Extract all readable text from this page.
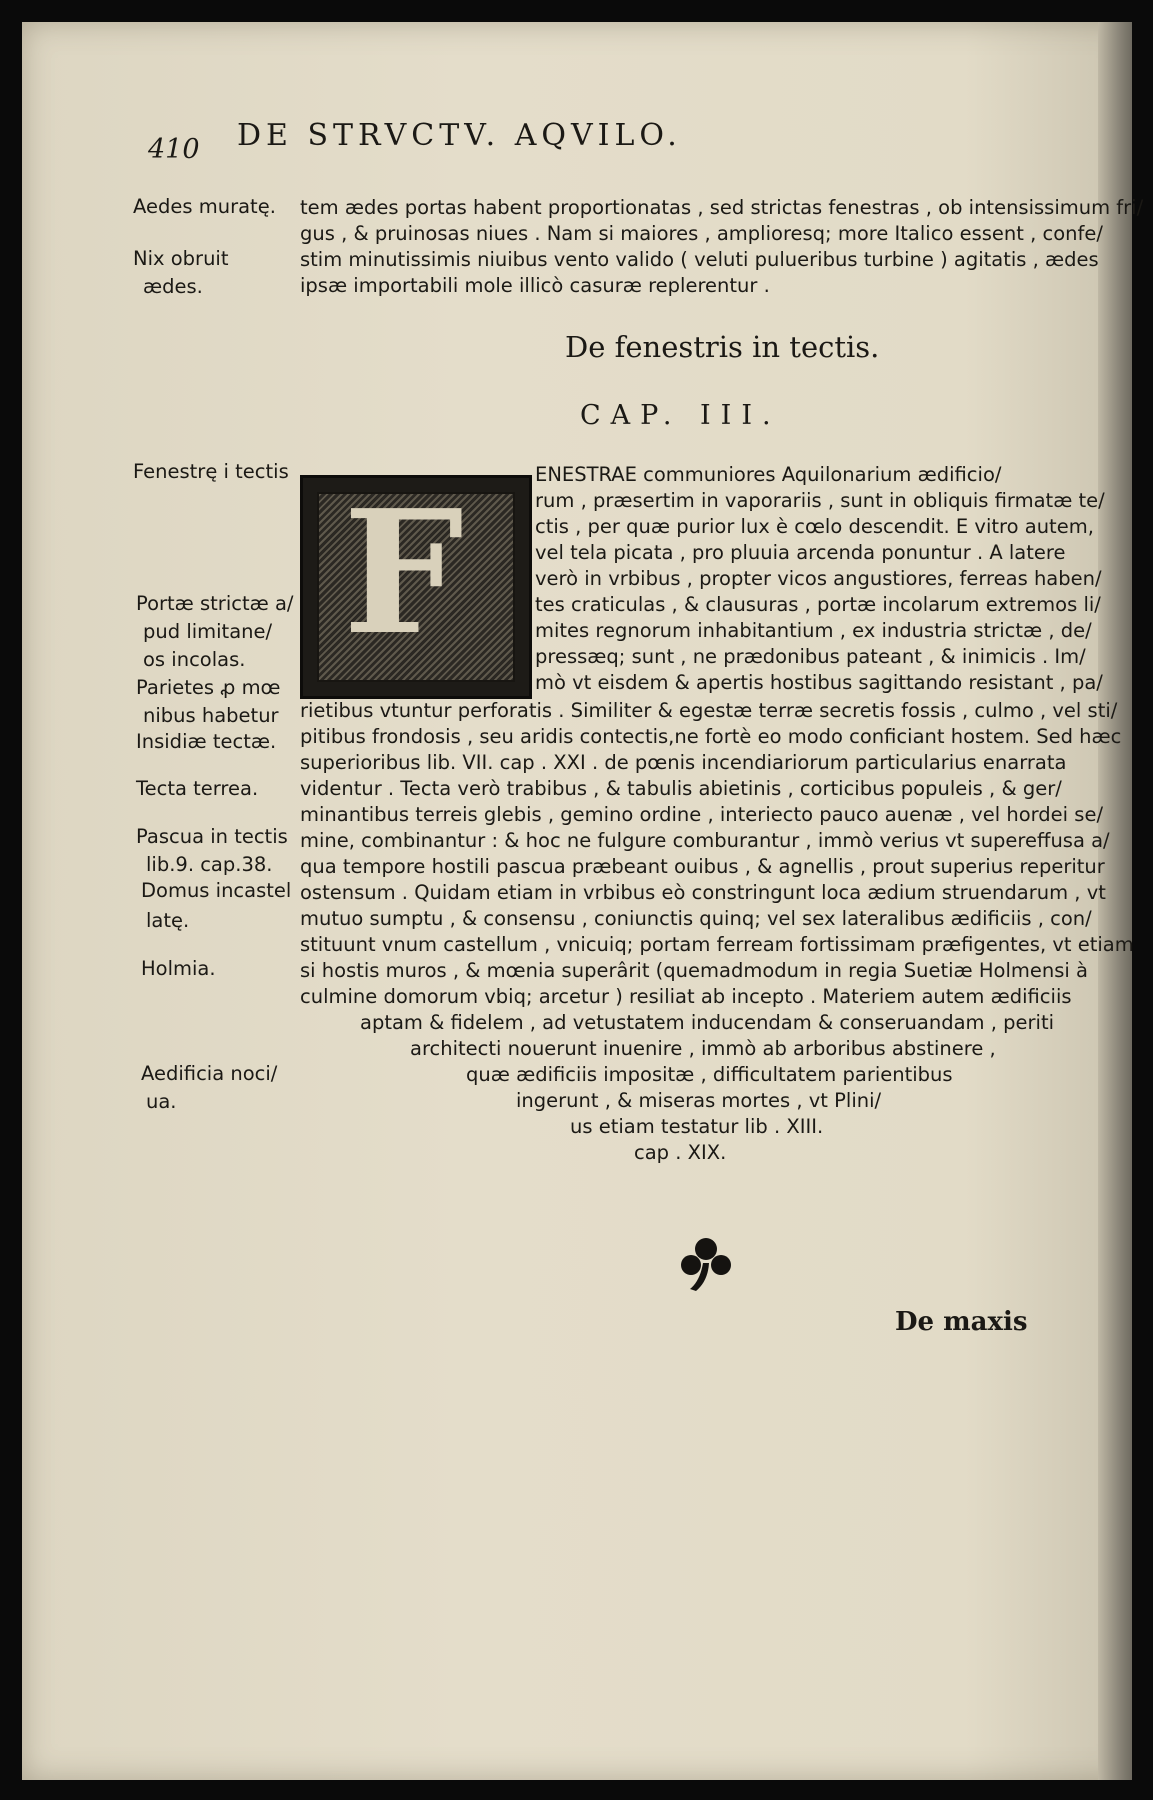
410 DE STRVCTV. AQVILO.
Aedes muratę.
Nix obruit
ædes.
Fenestrę i tectis
Portæ strictæ a/
pud limitane/
os incolas.
Parietes ꝓ mœ
nibus habetur
Insidiæ tectæ.
Tecta terrea.
Pascua in tectis
lib.9. cap.38.
Domus incastel
latę.
Holmia.
Aedificia noci/
ua.
tem ædes portas habent proportionatas , sed strictas fenestras , ob intensissimum fri/
gus , & pruinosas niues . Nam si maiores , amplioresq; more Italico essent , confe/
stim minutissimis niuibus vento valido ( veluti pulueribus turbine ) agitatis , ædes
ipsæ importabili mole illicò casuræ replerentur .
De fenestris in tectis.
CAP. III.
F	ENESTRAE communiores Aquilonarium ædificio/
rum , præsertim in vaporariis , sunt in obliquis firmatæ te/
ctis , per quæ purior lux è cœlo descendit. E vitro autem,
vel tela picata , pro pluuia arcenda ponuntur . A latere
verò in vrbibus , propter vicos angustiores, ferreas haben/
tes craticulas , & clausuras , portæ incolarum extremos li/
mites regnorum inhabitantium , ex industria strictæ , de/
pressæq; sunt , ne prædonibus pateant , & inimicis . Im/
mò vt eisdem & apertis hostibus sagittando resistant , pa/
rietibus vtuntur perforatis . Similiter & egestæ terræ secretis fossis , culmo , vel sti/
pitibus frondosis , seu aridis contectis,ne fortè eo modo conficiant hostem. Sed hæc
superioribus lib. VII. cap . XXI . de pœnis incendiariorum particularius enarrata
videntur . Tecta verò trabibus , & tabulis abietinis , corticibus populeis , & ger/
minantibus terreis glebis , gemino ordine , interiecto pauco auenæ , vel hordei se/
mine, combinantur : & hoc ne fulgure comburantur , immò verius vt supereffusa a/
qua tempore hostili pascua præbeant ouibus , & agnellis , prout superius reperitur
ostensum . Quidam etiam in vrbibus eò constringunt loca ædium struendarum , vt
mutuo sumptu , & consensu , coniunctis quinq; vel sex lateralibus ædificiis , con/
stituunt vnum castellum , vnicuiq; portam ferream fortissimam præfigentes, vt etiam
si hostis muros , & mœnia superârit (quemadmodum in regia Suetiæ Holmensi à
culmine domorum vbiq; arcetur ) resiliat ab incepto . Materiem autem ædificiis
aptam & fidelem , ad vetustatem inducendam & conseruandam , periti
architecti nouerunt inuenire , immò ab arboribus abstinere ,
quæ ædificiis impositæ , difficultatem parientibus
ingerunt , & miseras mortes , vt Plini/
us etiam testatur lib . XIII.
cap . XIX.
De maxis
